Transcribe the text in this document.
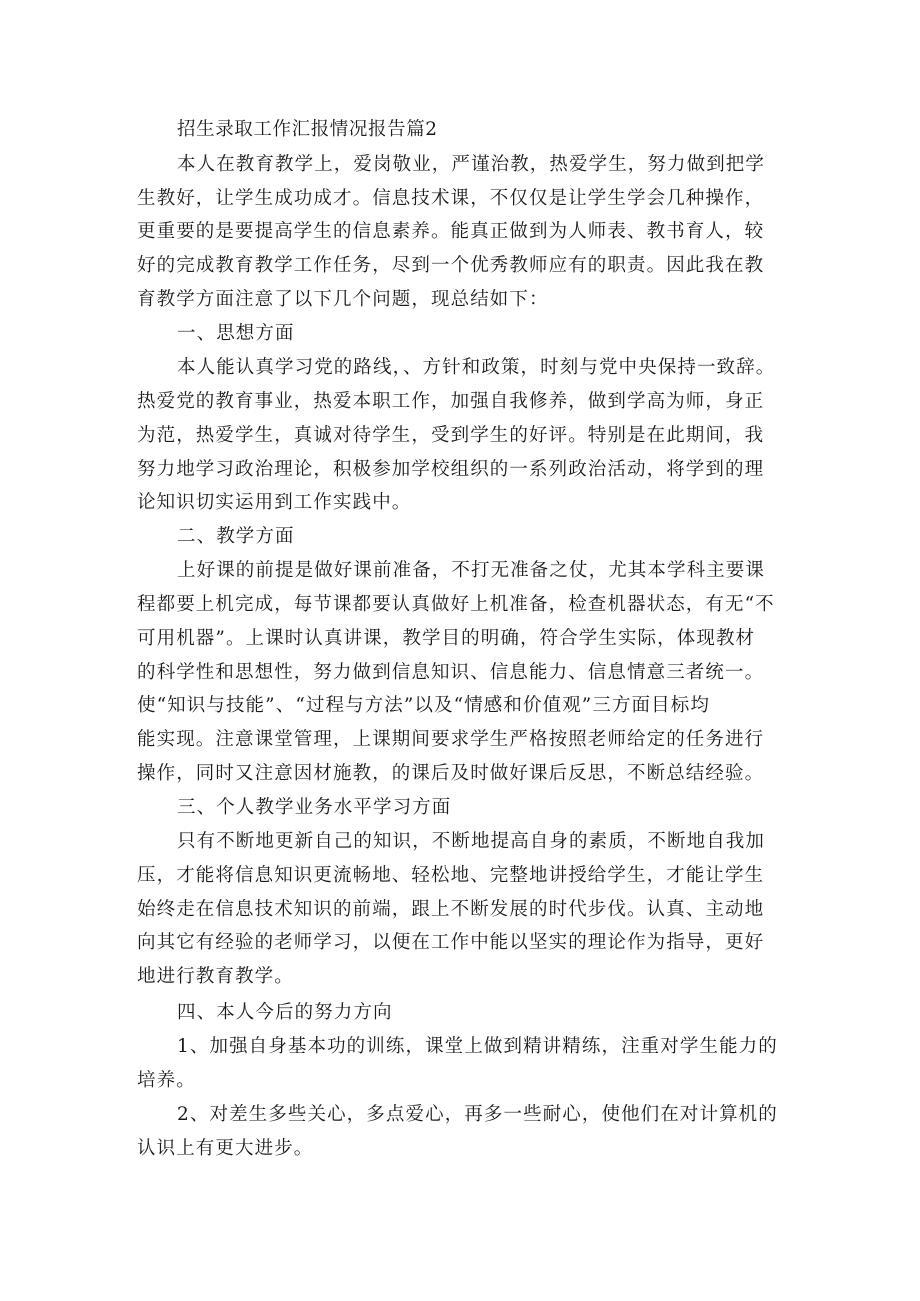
招生录取工作汇报情况报告篇2
本人在教育教学上，爱岗敬业，严谨治教，热爱学生，努力做到把学
生教好，让学生成功成才。信息技术课，不仅仅是让学生学会几种操作，
更重要的是要提高学生的信息素养。能真正做到为人师表、教书育人，较
好的完成教育教学工作任务，尽到一个优秀教师应有的职责。因此我在教
育教学方面注意了以下几个问题，现总结如下：
一、思想方面
本人能认真学习党的路线，、方针和政策，时刻与党中央保持一致辞。
热爱党的教育事业，热爱本职工作，加强自我修养，做到学高为师，身正
为范，热爱学生，真诚对待学生，受到学生的好评。特别是在此期间，我
努力地学习政治理论，积极参加学校组织的一系列政治活动，将学到的理
论知识切实运用到工作实践中。
二、教学方面
上好课的前提是做好课前准备，不打无准备之仗，尤其本学科主要课
程都要上机完成，每节课都要认真做好上机准备，检查机器状态，有无“不
可用机器”。上课时认真讲课，教学目的明确，符合学生实际，体现教材
的科学性和思想性，努力做到信息知识、信息能力、信息情意三者统一。
使“知识与技能”、“过程与方法”以及“情感和价值观”三方面目标均
能实现。注意课堂管理，上课期间要求学生严格按照老师给定的任务进行
操作，同时又注意因材施教，的课后及时做好课后反思，不断总结经验。
三、个人教学业务水平学习方面
只有不断地更新自己的知识，不断地提高自身的素质，不断地自我加
压，才能将信息知识更流畅地、轻松地、完整地讲授给学生，才能让学生
始终走在信息技术知识的前端，跟上不断发展的时代步伐。认真、主动地
向其它有经验的老师学习，以便在工作中能以坚实的理论作为指导，更好
地进行教育教学。
四、本人今后的努力方向
1、加强自身基本功的训练，课堂上做到精讲精练，注重对学生能力的
培养。
2、对差生多些关心，多点爱心，再多一些耐心，使他们在对计算机的
认识上有更大进步。
